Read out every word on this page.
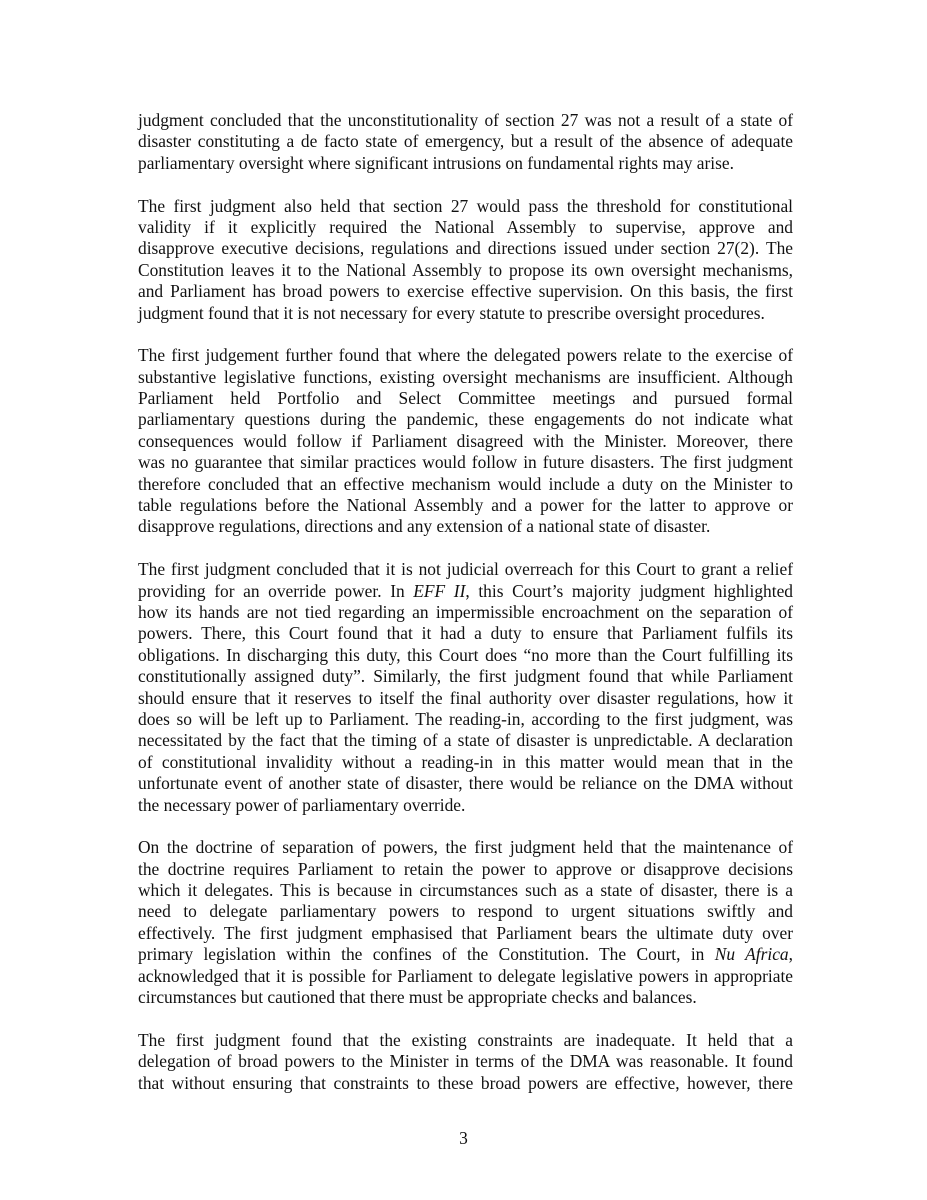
judgment concluded that the unconstitutionality of section 27 was not a result of a state of
disaster constituting a de facto state of emergency, but a result of the absence of adequate
parliamentary oversight where significant intrusions on fundamental rights may arise.
The first judgment also held that section 27 would pass the threshold for constitutional
validity if it explicitly required the National Assembly to supervise, approve and
disapprove executive decisions, regulations and directions issued under section 27(2). The
Constitution leaves it to the National Assembly to propose its own oversight mechanisms,
and Parliament has broad powers to exercise effective supervision. On this basis, the first
judgment found that it is not necessary for every statute to prescribe oversight procedures.
The first judgement further found that where the delegated powers relate to the exercise of
substantive legislative functions, existing oversight mechanisms are insufficient. Although
Parliament held Portfolio and Select Committee meetings and pursued formal
parliamentary questions during the pandemic, these engagements do not indicate what
consequences would follow if Parliament disagreed with the Minister. Moreover, there
was no guarantee that similar practices would follow in future disasters. The first judgment
therefore concluded that an effective mechanism would include a duty on the Minister to
table regulations before the National Assembly and a power for the latter to approve or
disapprove regulations, directions and any extension of a national state of disaster.
The first judgment concluded that it is not judicial overreach for this Court to grant a relief
providing for an override power. In EFF II, this Court’s majority judgment highlighted
how its hands are not tied regarding an impermissible encroachment on the separation of
powers. There, this Court found that it had a duty to ensure that Parliament fulfils its
obligations. In discharging this duty, this Court does “no more than the Court fulfilling its
constitutionally assigned duty”. Similarly, the first judgment found that while Parliament
should ensure that it reserves to itself the final authority over disaster regulations, how it
does so will be left up to Parliament. The reading-in, according to the first judgment, was
necessitated by the fact that the timing of a state of disaster is unpredictable. A declaration
of constitutional invalidity without a reading-in in this matter would mean that in the
unfortunate event of another state of disaster, there would be reliance on the DMA without
the necessary power of parliamentary override.
On the doctrine of separation of powers, the first judgment held that the maintenance of
the doctrine requires Parliament to retain the power to approve or disapprove decisions
which it delegates. This is because in circumstances such as a state of disaster, there is a
need to delegate parliamentary powers to respond to urgent situations swiftly and
effectively. The first judgment emphasised that Parliament bears the ultimate duty over
primary legislation within the confines of the Constitution. The Court, in Nu Africa,
acknowledged that it is possible for Parliament to delegate legislative powers in appropriate
circumstances but cautioned that there must be appropriate checks and balances.
The first judgment found that the existing constraints are inadequate. It held that a
delegation of broad powers to the Minister in terms of the DMA was reasonable. It found
that without ensuring that constraints to these broad powers are effective, however, there
3
